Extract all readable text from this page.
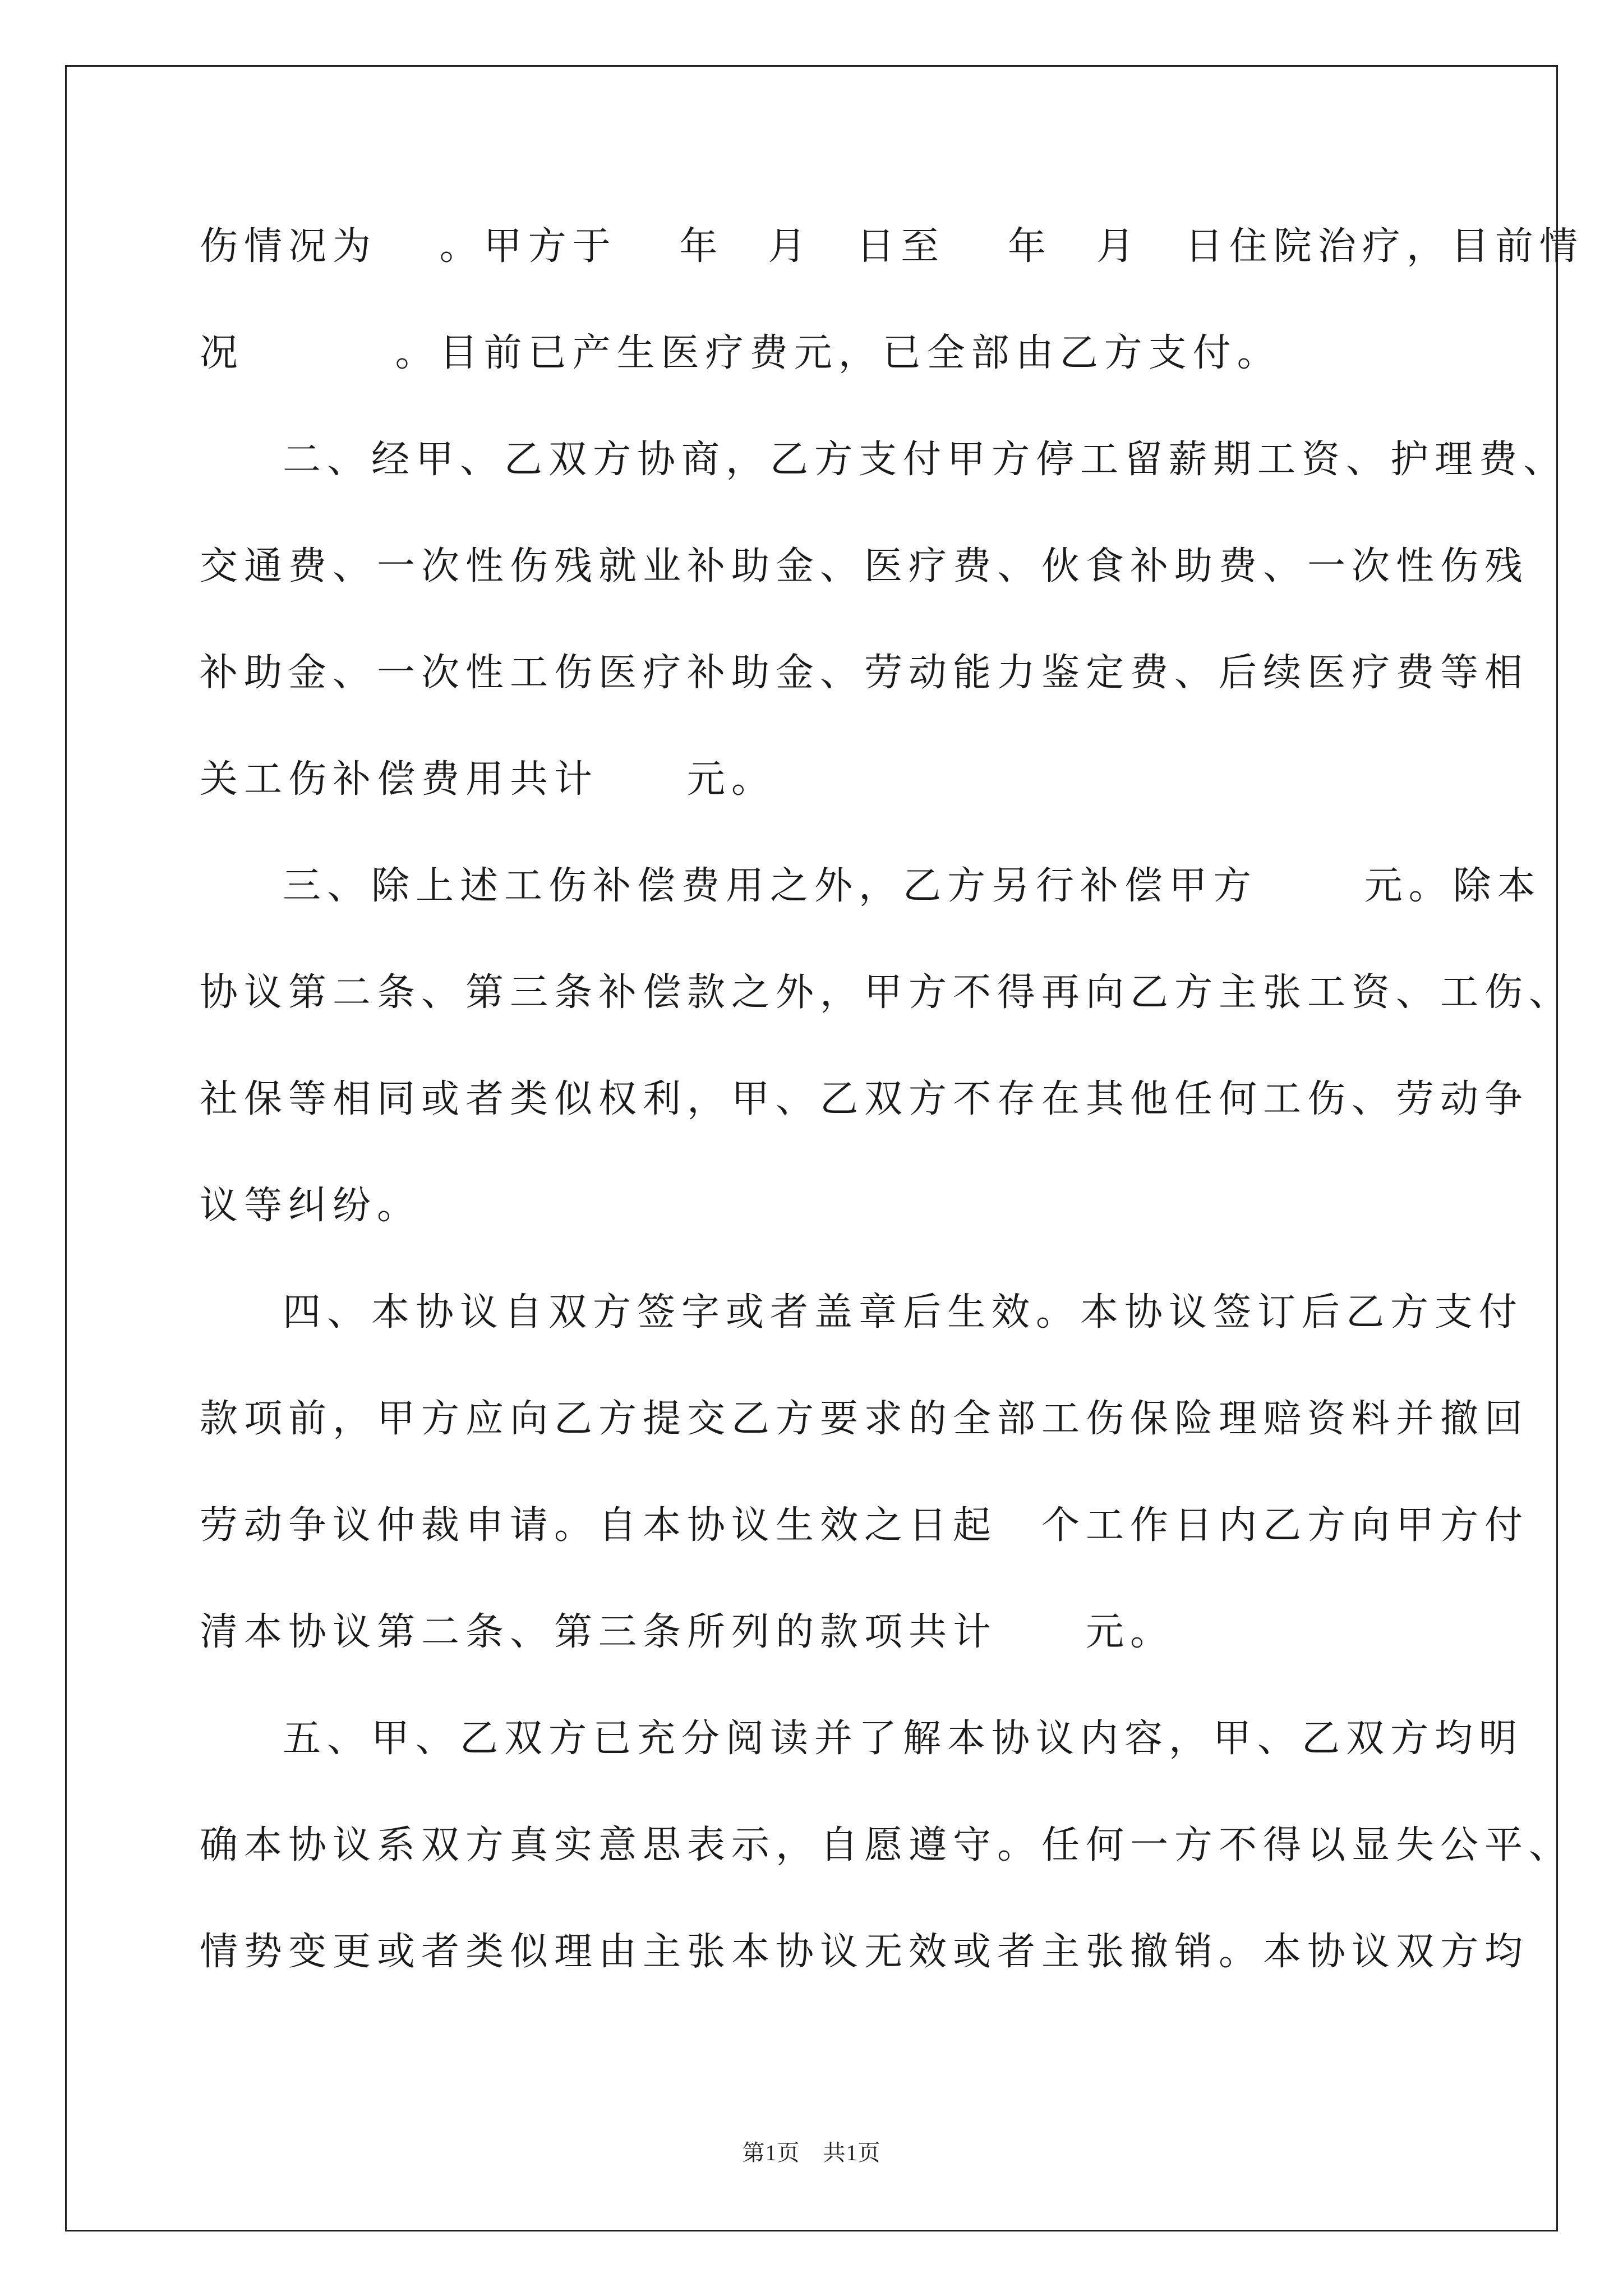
伤情况为　 。甲方于　 年　月　日至　 年　月　日住院治疗，目前情
况　　　 。目前已产生医疗费元，已全部由乙方支付。
二、经甲、乙双方协商，乙方支付甲方停工留薪期工资、护理费、
交通费、一次性伤残就业补助金、医疗费、伙食补助费、一次性伤残
补助金、一次性工伤医疗补助金、劳动能力鉴定费、后续医疗费等相
关工伤补偿费用共计　　元。
三、除上述工伤补偿费用之外，乙方另行补偿甲方　　 元。除本
协议第二条、第三条补偿款之外，甲方不得再向乙方主张工资、工伤、
社保等相同或者类似权利，甲、乙双方不存在其他任何工伤、劳动争
议等纠纷。
四、本协议自双方签字或者盖章后生效。本协议签订后乙方支付
款项前，甲方应向乙方提交乙方要求的全部工伤保险理赔资料并撤回
劳动争议仲裁申请。自本协议生效之日起　个工作日内乙方向甲方付
清本协议第二条、第三条所列的款项共计　　元。
五、甲、乙双方已充分阅读并了解本协议内容，甲、乙双方均明
确本协议系双方真实意思表示，自愿遵守。任何一方不得以显失公平、
情势变更或者类似理由主张本协议无效或者主张撤销。本协议双方均
第1页　共1页
